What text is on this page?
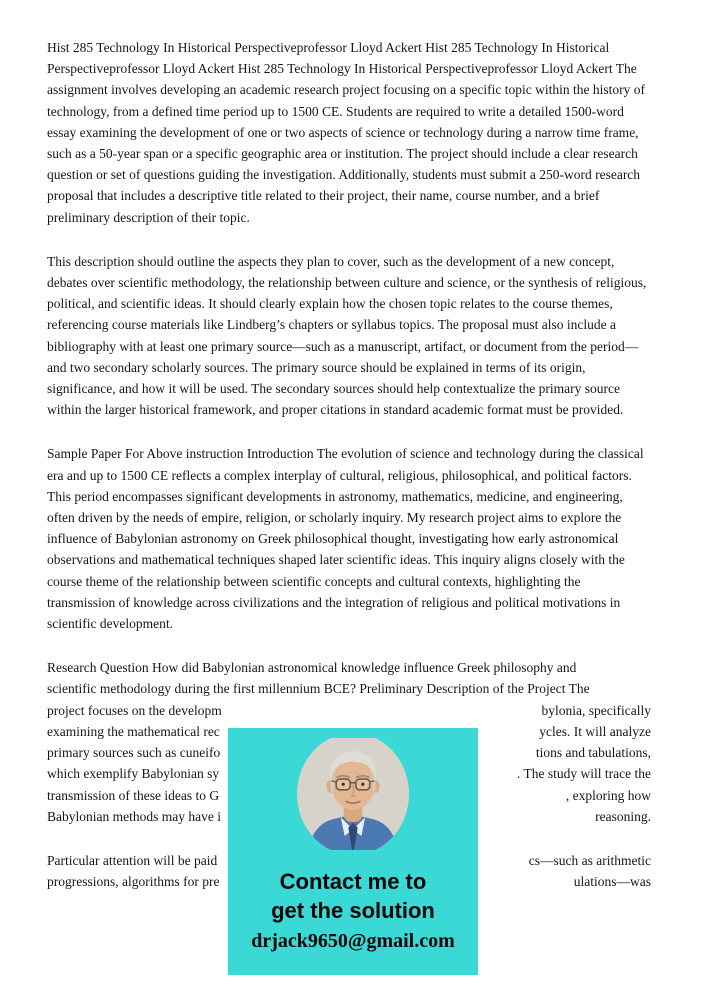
Hist 285 Technology In Historical Perspectiveprofessor Lloyd Ackert Hist 285 Technology In Historical Perspectiveprofessor Lloyd Ackert Hist 285 Technology In Historical Perspectiveprofessor Lloyd Ackert The assignment involves developing an academic research project focusing on a specific topic within the history of technology, from a defined time period up to 1500 CE. Students are required to write a detailed 1500-word essay examining the development of one or two aspects of science or technology during a narrow time frame, such as a 50-year span or a specific geographic area or institution. The project should include a clear research question or set of questions guiding the investigation. Additionally, students must submit a 250-word research proposal that includes a descriptive title related to their project, their name, course number, and a brief preliminary description of their topic.

This description should outline the aspects they plan to cover, such as the development of a new concept, debates over scientific methodology, the relationship between culture and science, or the synthesis of religious, political, and scientific ideas. It should clearly explain how the chosen topic relates to the course themes, referencing course materials like Lindberg’s chapters or syllabus topics. The proposal must also include a bibliography with at least one primary source—such as a manuscript, artifact, or document from the period—and two secondary scholarly sources. The primary source should be explained in terms of its origin, significance, and how it will be used. The secondary sources should help contextualize the primary source within the larger historical framework, and proper citations in standard academic format must be provided.

Sample Paper For Above instruction Introduction The evolution of science and technology during the classical era and up to 1500 CE reflects a complex interplay of cultural, religious, philosophical, and political factors. This period encompasses significant developments in astronomy, mathematics, medicine, and engineering, often driven by the needs of empire, religion, or scholarly inquiry. My research project aims to explore the influence of Babylonian astronomy on Greek philosophical thought, investigating how early astronomical observations and mathematical techniques shaped later scientific ideas. This inquiry aligns closely with the course theme of the relationship between scientific concepts and cultural contexts, highlighting the transmission of knowledge across civilizations and the integration of religious and political motivations in scientific development.

Research Question How did Babylonian astronomical knowledge influence Greek philosophy and
scientific methodology during the first millennium BCE? Preliminary Description of the Project The
project focuses on the developm	bylonia, specifically
examining the mathematical rec	ycles. It will analyze
primary sources such as cuneifo	tions and tabulations,
which exemplify Babylonian sy	. The study will trace the
transmission of these ideas to G	, exploring how
Babylonian methods may have i	reasoning.
Particular attention will be paid	cs—such as arithmetic
progressions, algorithms for pre	ulations—was
Contact me to
get the solution
drjack9650@gmail.com
